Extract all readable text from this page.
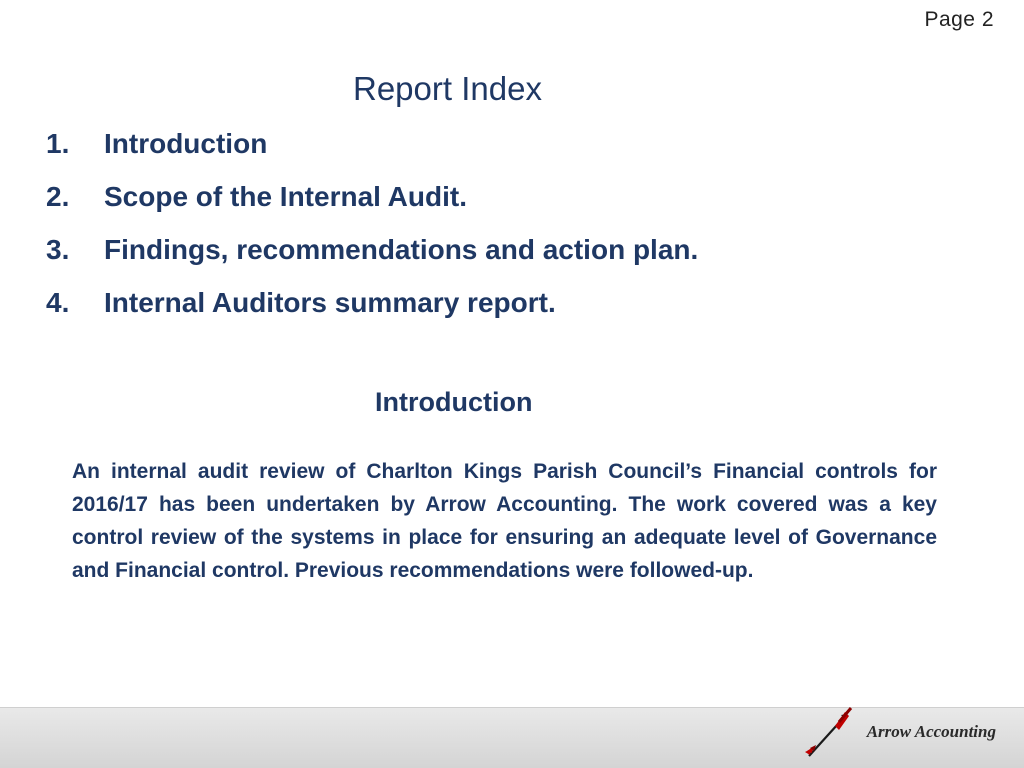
Page 2
Report Index
1.	Introduction
2.	Scope of the Internal Audit.
3.	Findings, recommendations and action plan.
4.	Internal Auditors summary report.
Introduction

An internal audit review of Charlton Kings Parish Council’s Financial controls for 2016/17 has been undertaken by Arrow Accounting. The work covered was a key control review of the systems in place for ensuring an adequate level of Governance and Financial control. Previous recommendations were followed-up.

Arrow Accounting
